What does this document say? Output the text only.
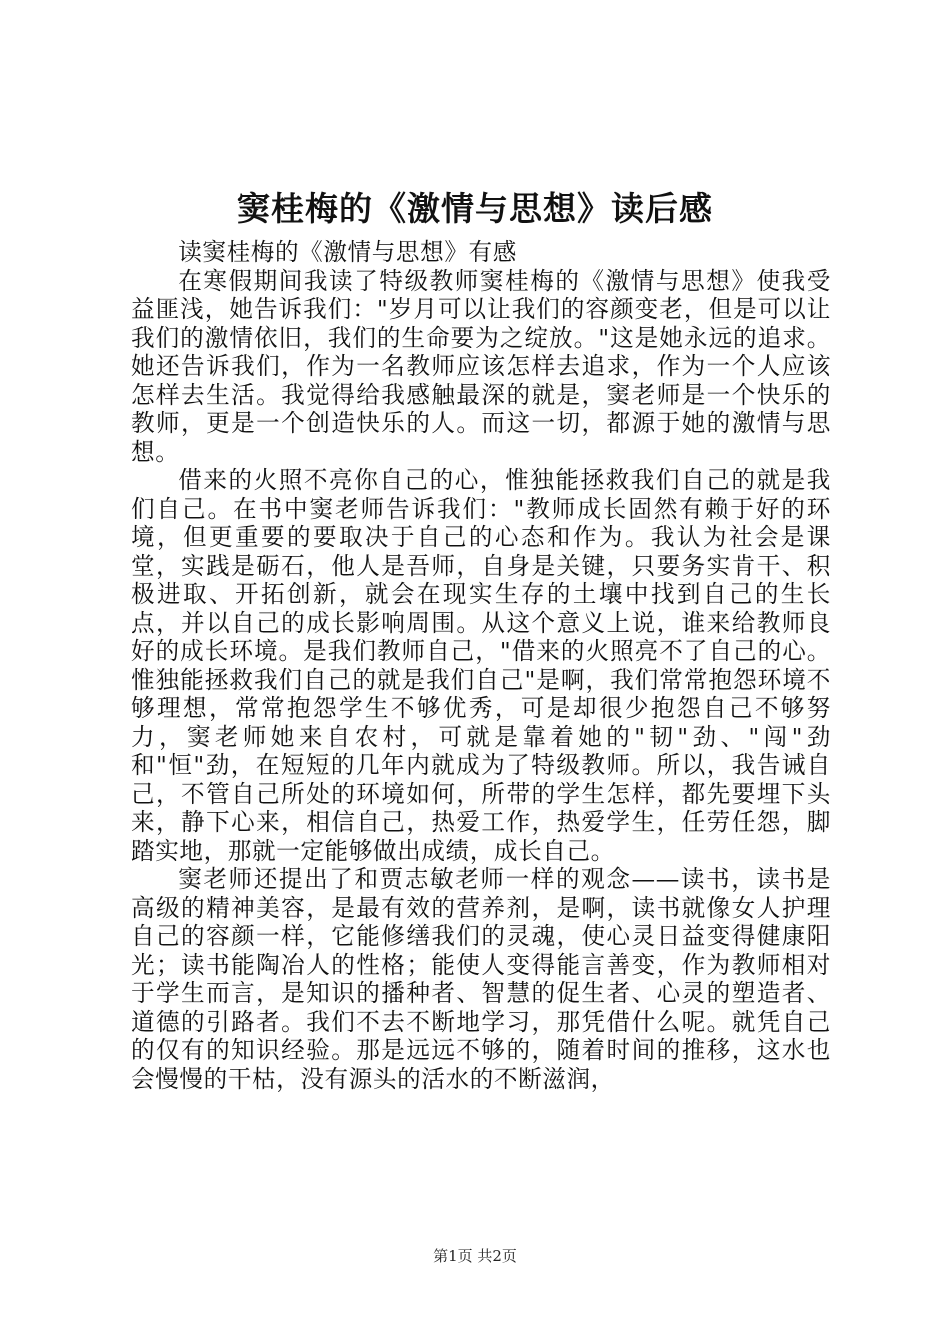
窦桂梅的《激情与思想》读后感

读窦桂梅的《激情与思想》有感

在寒假期间我读了特级教师窦桂梅的《激情与思想》使我受益匪浅，她告诉我们："岁月可以让我们的容颜变老，但是可以让我们的激情依旧，我们的生命要为之绽放。"这是她永远的追求。她还告诉我们，作为一名教师应该怎样去追求，作为一个人应该怎样去生活。我觉得给我感触最深的就是，窦老师是一个快乐的教师，更是一个创造快乐的人。而这一切，都源于她的激情与思想。

借来的火照不亮你自己的心，惟独能拯救我们自己的就是我们自己。在书中窦老师告诉我们："教师成长固然有赖于好的环境，但更重要的要取决于自己的心态和作为。我认为社会是课堂，实践是砺石，他人是吾师，自身是关键，只要务实肯干、积极进取、开拓创新，就会在现实生存的土壤中找到自己的生长点，并以自己的成长影响周围。从这个意义上说，谁来给教师良好的成长环境。是我们教师自己，"借来的火照亮不了自己的心。惟独能拯救我们自己的就是我们自己"是啊，我们常常抱怨环境不够理想，常常抱怨学生不够优秀，可是却很少抱怨自己不够努力，窦老师她来自农村，可就是靠着她的"韧"劲、"闯"劲和"恒"劲，在短短的几年内就成为了特级教师。所以，我告诫自己，不管自己所处的环境如何，所带的学生怎样，都先要埋下头来，静下心来，相信自己，热爱工作，热爱学生，任劳任怨，脚踏实地，那就一定能够做出成绩，成长自己。

窦老师还提出了和贾志敏老师一样的观念——读书，读书是高级的精神美容，是最有效的营养剂，是啊，读书就像女人护理自己的容颜一样，它能修缮我们的灵魂，使心灵日益变得健康阳光；读书能陶冶人的性格；能使人变得能言善变，作为教师相对于学生而言，是知识的播种者、智慧的促生者、心灵的塑造者、道德的引路者。我们不去不断地学习，那凭借什么呢。就凭自己的仅有的知识经验。那是远远不够的，随着时间的推移，这水也会慢慢的干枯，没有源头的活水的不断滋润，

第1页 共2页
